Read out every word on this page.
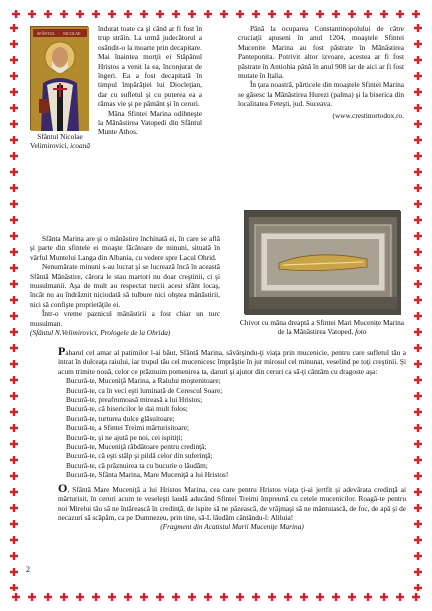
SFÂNTUL NICOLAE
Sfântul Nicolae Velimirovici, icoană

îndurat toate ca şi când ar fi fost în trup străin. La urmă judecătorul a osândit-o la moarte prin decapitare. Mai înaintea morţii ei Stăpânul Hristos a venit la ea, înconjurat de îngeri. Ea a fost decapitată în timpul împărăţiei lui Diocleţian, dar cu sufletul şi cu puterea ea a rămas vie şi pe pământ şi în ceruri.

Mâna Sfintei Marina odihneşte la Mănăstirea Vatopedi din Sfântul Munte Athos.

Până la ocuparea Constantinopolului de către cruciaţii apuseni în anul 1204, moaştele Sfintei Mucenite Marina au fost păstrate în Mănăstirea Panteponita. Potrivit altor izvoare, acestea ar fi fost păstrate în Antiohia până în anul 908 iar de aici ar fi fost mutate în Italia.

În ţara noastră, părticele din moaştele Sfintei Marina se găsesc la Mănăstirea Hurezi (palma) şi la biserica din localitatea Feteşti, jud. Suceava.

(www.crestinortodox.ro.

Sfânta Marina are şi o mănăstire închinată ei, în care se află şi parte din sfintele ei moaşte făcătoare de minuni, situată în vârful Muntelui Langa din Albania, cu vedere spre Lacul Ohrid.

Nenumărate minuni s-au lucrat şi se lucrează încă în această Sfântă Mănăstire, cărora le stau martori nu doar creştinii, ci şi musulmanii. Aşa de mult au respectat turcii acest sfânt locaş, încât nu au îndrăznit niciodată să tulbure nici obştea mănăstirii, nici să confişte proprietăţile ei.

Într-o vreme paznicul mănăstirii a fost chiar un turc musulman.

(Sfântul N.Velimirovici, Prologele de la Ohrida)

Chivot cu mâna dreaptă a Sfintei Mari Mucenițe Marina de la Mănăstirea Vatoped, foto

Paharul cel amar al patimilor l-ai băut, Sfântă Marina, săvârşindu-ţi viaţa prin mucenicie, pentru care sufletul tău a intrat în dulceaţa raiului, iar trupul tău cel mucenicesc împrăştie în jur mirosul cel minunat, veselind pe toţi creştinii. Şi acum trimite nouă, celor ce prăznuim pomenirea ta, daruri şi ajutor din ceruri ca să-ţi cântăm cu dragoste aşa:

Bucură-te, Muceniţă Marina, a Raiului moştenitoare;
Bucură-te, ca în veci eşti luminată de Cerescul Soare;
Bucură-te, preafrumoasă mireasă a lui Hristos;
Bucură-te, că bisericilor le dai mult folos;
Bucură-te, turturea dulce glăsuitoare;
Bucură-te, a Sfintei Treimi mărturisitoare;
Bucură-te, şi ne ajută pe noi, cei ispitiţi;
Bucură-te, Muceniţă răbdătoare pentru credinţă;
Bucură-te, că eşti stâlp şi pildă celor din suferinţă;
Bucură-te, că prăznuirea ta cu bucurie o lăudăm;
Bucură-te, Sfânta Marina, Mare Muceniţă a lui Hristos!

O, Sfântă Mare Muceniţă a lui Hristos Marina, cea care pentru Hristos viaţa ţi-ai jertfit şi adevărata credinţă ai mărturisit, în ceruri acum te veseleşti laudă aducând Sfintei Treimi împreună cu cetele mucenicilor. Roagă-te pentru noi Mirelui tău să ne întărească în credinţă, de ispite să ne păzească, de vrăjmaşi să ne mântuiască, de foc, de apă şi de necazuri să scăpăm, ca pe Dumnezeu, prin tine, să-L lăudăm cântându-l: Aliluia!

(Fragment din Acatistul Marii Muceniţe Marina)

2
